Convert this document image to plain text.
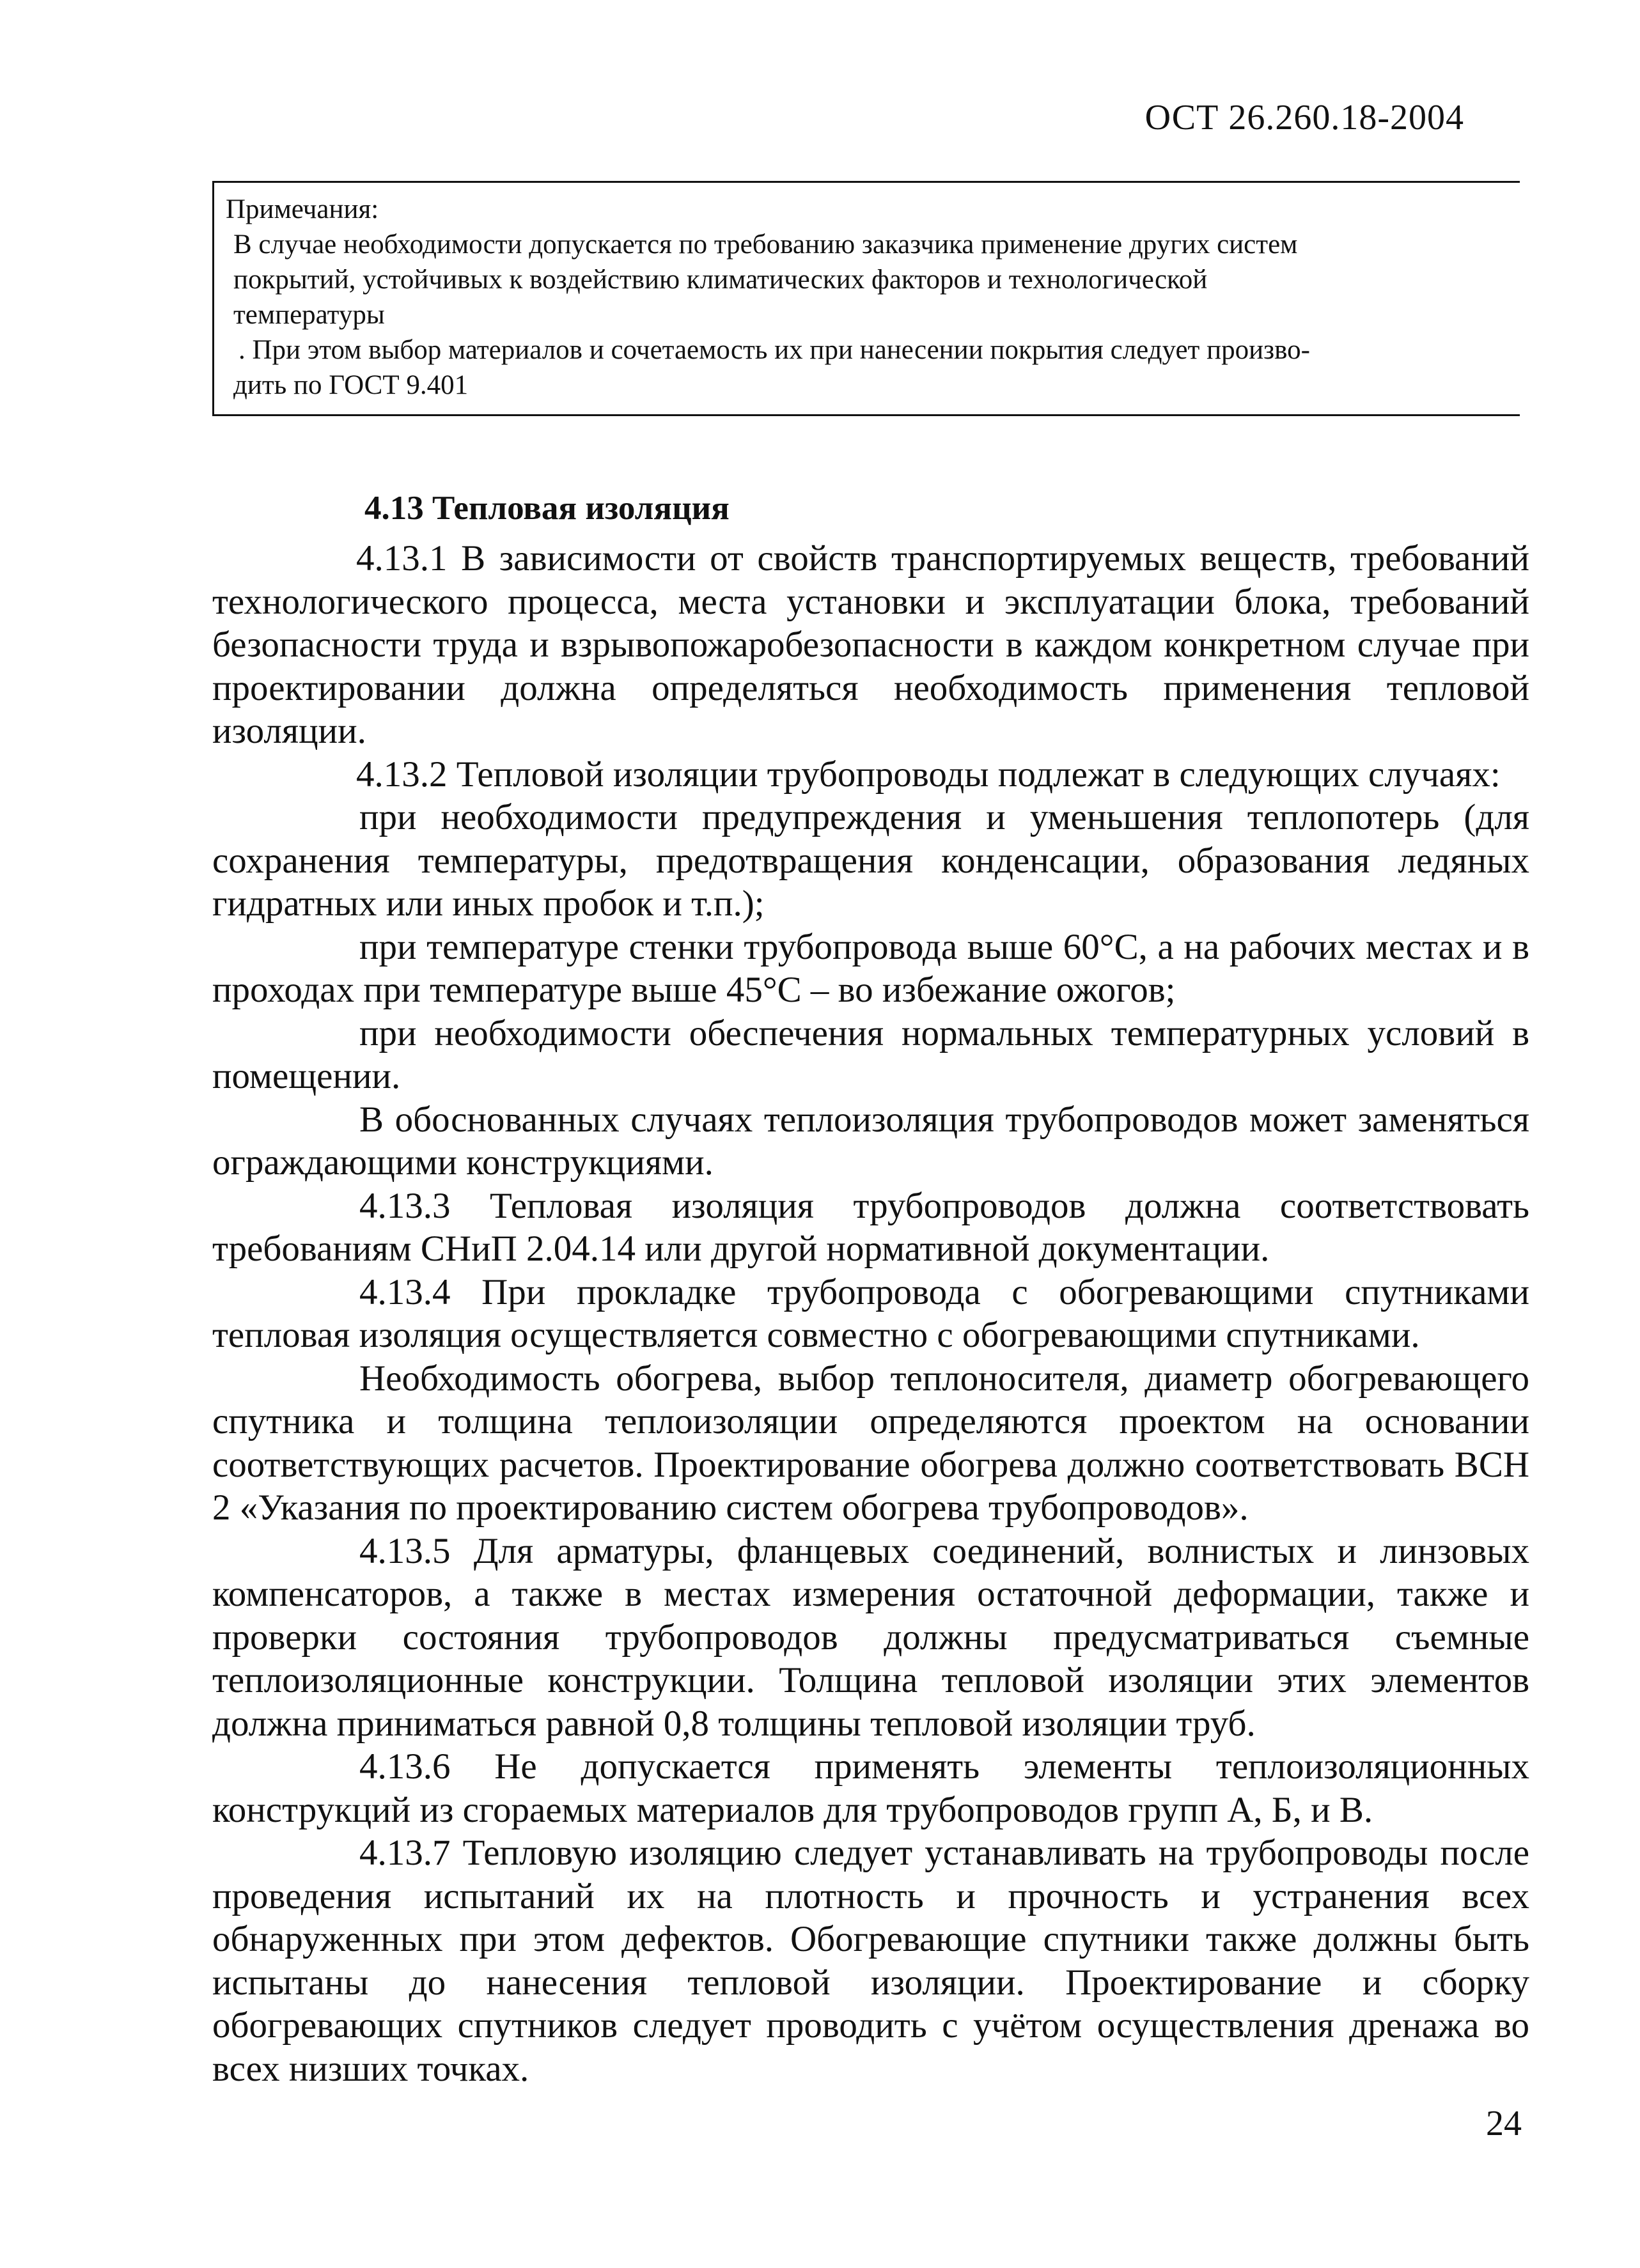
ОСТ 26.260.18-2004

Примечания:

В случае необходимости допускается по требованию заказчика применение других систем

покрытий, устойчивых к воздействию климатических факторов и технологической

температуры

. При этом выбор материалов и сочетаемость их при нанесении покрытия следует произво-

дить по ГОСТ 9.401

4.13 Тепловая изоляция

4.13.1 В зависимости от свойств транспортируемых веществ, требований технологического процесса, места установки и эксплуатации блока, требований безопасности труда и взрывопожаробезопасности в каждом конкретном случае при проектировании должна определяться необходимость применения тепловой изоляции.

4.13.2 Тепловой изоляции трубопроводы подлежат в следующих случаях:

при необходимости предупреждения и уменьшения теплопотерь (для сохранения температуры, предотвращения конденсации, образования ледяных гидратных или иных пробок и т.п.);

при температуре стенки трубопровода выше 60°С, а на рабочих местах и в проходах при температуре выше 45°С – во избежание ожогов;

при необходимости обеспечения нормальных температурных условий в помещении.

В обоснованных случаях теплоизоляция трубопроводов может заменяться ограждающими конструкциями.

4.13.3 Тепловая изоляция трубопроводов должна соответствовать требованиям СНиП 2.04.14 или другой нормативной документации.

4.13.4 При прокладке трубопровода с обогревающими спутниками тепловая изоляция осуществляется совместно с обогревающими спутниками.

Необходимость обогрева, выбор теплоносителя, диаметр обогревающего спутника и толщина теплоизоляции определяются проектом на основании соответствующих расчетов. Проектирование обогрева должно соответствовать ВСН 2 «Указания по проектированию систем обогрева трубопроводов».

4.13.5 Для арматуры, фланцевых соединений, волнистых и линзовых компенсаторов, а также в местах измерения остаточной деформации, также и проверки состояния трубопроводов должны предусматриваться съемные теплоизоляционные конструкции. Толщина тепловой изоляции этих элементов должна приниматься равной 0,8 толщины тепловой изоляции труб.

4.13.6 Не допускается применять элементы теплоизоляционных конструкций из сгораемых материалов для трубопроводов групп А, Б, и В.

4.13.7 Тепловую изоляцию следует устанавливать на трубопроводы после проведения испытаний их на плотность и прочность и устранения всех обнаруженных при этом дефектов. Обогревающие спутники также должны быть испытаны до нанесения тепловой изоляции. Проектирование и сборку обогревающих спутников следует проводить с учётом осуществления дренажа во всех низших точках.

24
